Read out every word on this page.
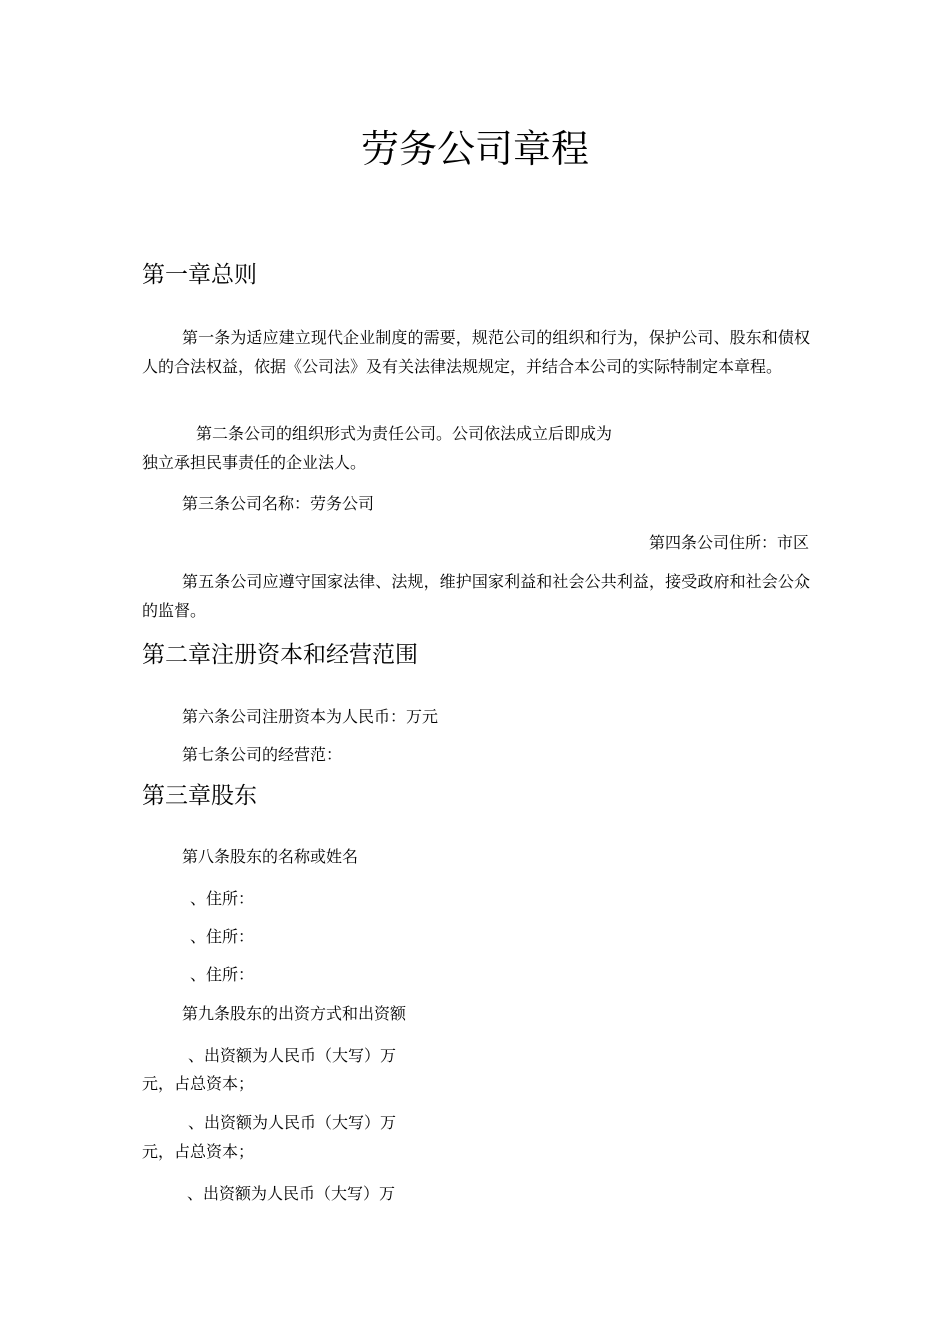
劳务公司章程
第一章总则
第一条为适应建立现代企业制度的需要，规范公司的组织和行为，保护公司、股东和债权人的合法权益，依据《公司法》及有关法律法规规定，并结合本公司的实际特制定本章程。
第二条公司的组织形式为责任公司。公司依法成立后即成为
独立承担民事责任的企业法人。
第三条公司名称：劳务公司
第四条公司住所：市区
第五条公司应遵守国家法律、法规，维护国家利益和社会公共利益，接受政府和社会公众的监督。
第二章注册资本和经营范围
第六条公司注册资本为人民币：万元
第七条公司的经营范：
第三章股东
第八条股东的名称或姓名
、住所：
、住所：
、住所：
第九条股东的出资方式和出资额
、出资额为人民币（大写）万
元，占总资本；
、出资额为人民币（大写）万
元，占总资本；
、出资额为人民币（大写）万
